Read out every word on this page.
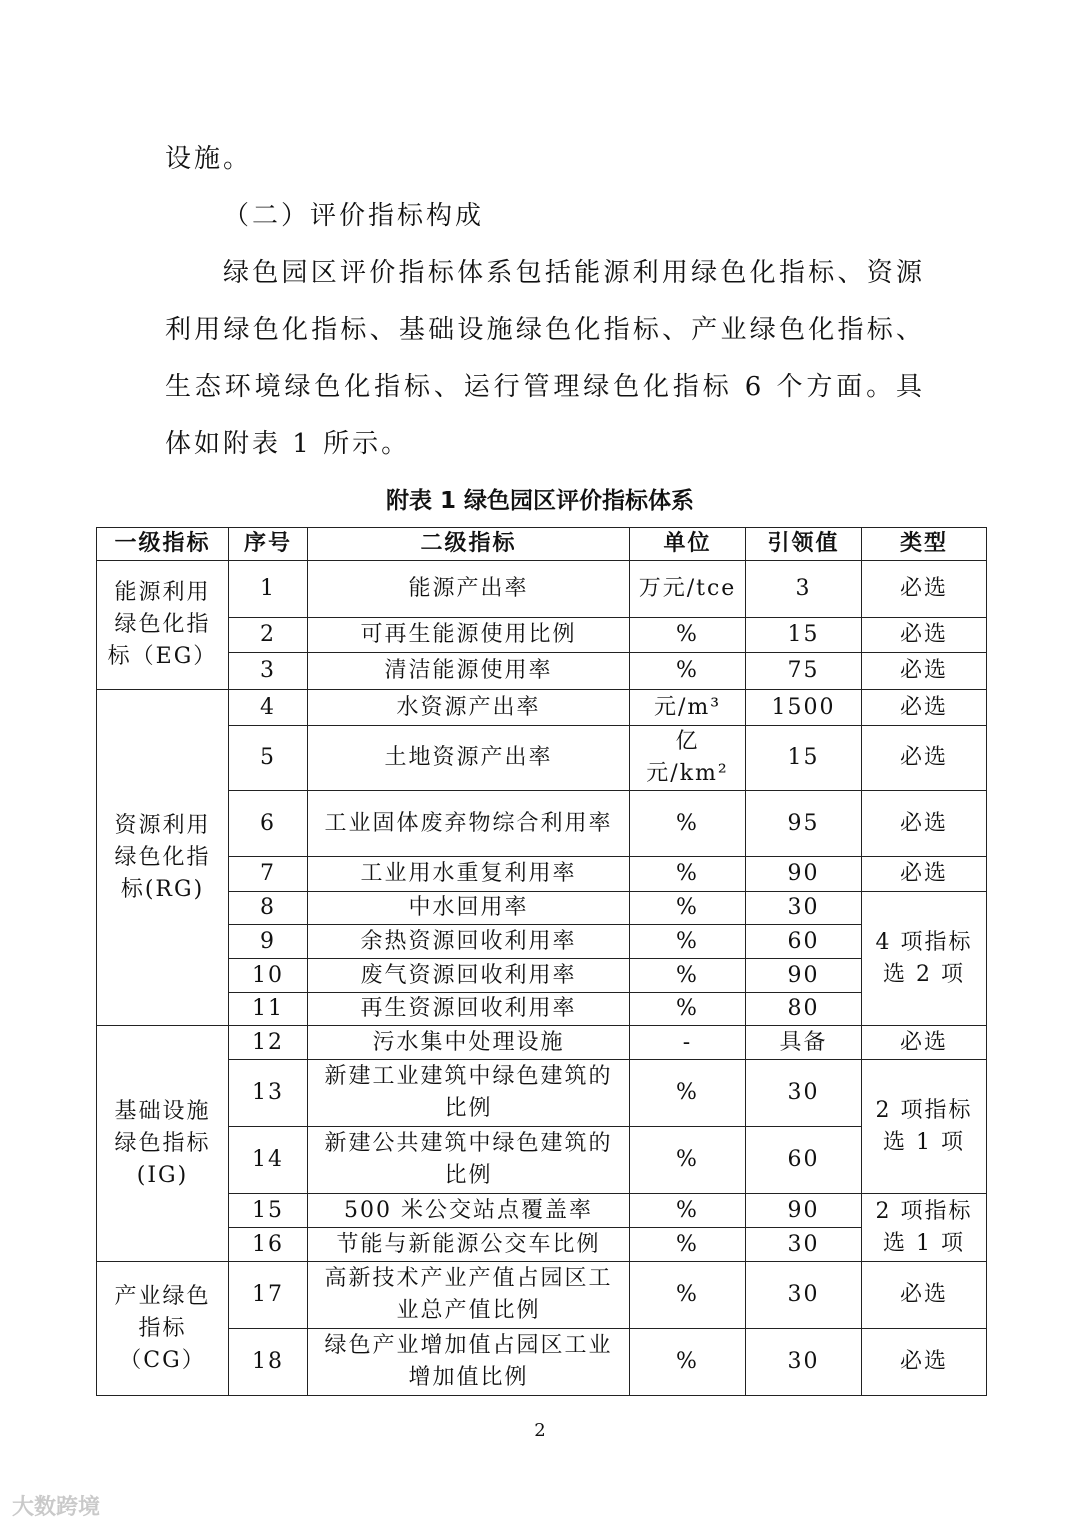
设施。

（二）评价指标构成

绿色园区评价指标体系包括能源利用绿色化指标、资源利用绿色化指标、基础设施绿色化指标、产业绿色化指标、生态环境绿色化指标、运行管理绿色化指标 6 个方面。具体如附表 1 所示。

附表 1 绿色园区评价指标体系
一级指标	序号	二级指标	单位	引领值	类型
能源利用绿色化指标（EG）	1	能源产出率	万元/tce	3	必选
	2	可再生能源使用比例	%	15	必选
	3	清洁能源使用率	%	75	必选
资源利用绿色化指标(RG)	4	水资源产出率	元/m³	1500	必选
	5	土地资源产出率	亿元/km²	15	必选
	6	工业固体废弃物综合利用率	%	95	必选
	7	工业用水重复利用率	%	90	必选
	8	中水回用率	%	30	4 项指标选 2 项
	9	余热资源回收利用率	%	60	
	10	废气资源回收利用率	%	90	
	11	再生资源回收利用率	%	80	
基础设施绿色指标(IG)	12	污水集中处理设施	-	具备	必选
	13	新建工业建筑中绿色建筑的比例	%	30	2 项指标选 1 项
	14	新建公共建筑中绿色建筑的比例	%	60	
	15	500 米公交站点覆盖率	%	90	2 项指标选 1 项
	16	节能与新能源公交车比例	%	30	
产业绿色指标（CG）	17	高新技术产业产值占园区工业总产值比例	%	30	必选
	18	绿色产业增加值占园区工业增加值比例	%	30	必选
2
大数跨境
